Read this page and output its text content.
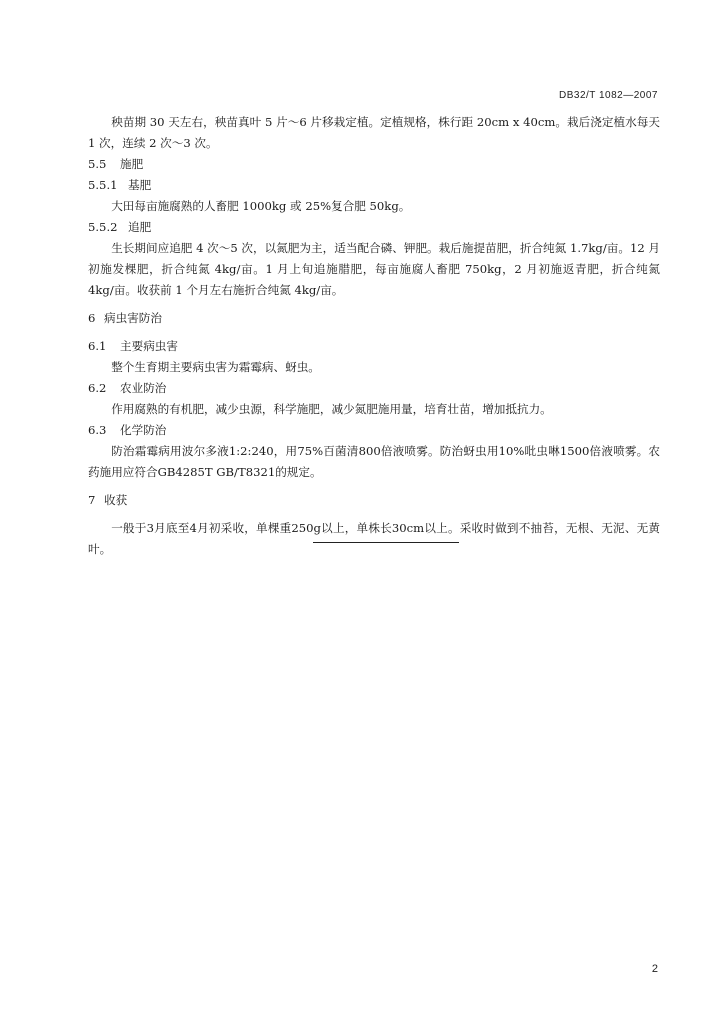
DB32/T 1082—2007

秧苗期 30 天左右，秧苗真叶 5 片～6 片移栽定植。定植规格，株行距 20cm x 40cm。栽后浇定植水每天 1 次，连续 2 次～3 次。

5.5 施肥
5.5.1 基肥

大田每亩施腐熟的人畜肥 1000kg 或 25%复合肥 50kg。

5.5.2 追肥

生长期间应追肥 4 次～5 次，以氮肥为主，适当配合磷、钾肥。栽后施提苗肥，折合纯氮 1.7kg/亩。12 月初施发棵肥，折合纯氮 4kg/亩。1 月上旬追施腊肥，每亩施腐人畜肥 750kg，2 月初施返青肥，折合纯氮 4kg/亩。收获前 1 个月左右施折合纯氮 4kg/亩。

6 病虫害防治
6.1 主要病虫害

整个生育期主要病虫害为霜霉病、蚜虫。

6.2 农业防治

作用腐熟的有机肥，减少虫源，科学施肥，减少氮肥施用量，培育壮苗，增加抵抗力。

6.3 化学防治

防治霜霉病用波尔多液1:2:240，用75%百菌清800倍液喷雾。防治蚜虫用10%吡虫啉1500倍液喷雾。农药施用应符合GB4285T GB/T8321的规定。

7 收获

一般于3月底至4月初采收，单棵重250g以上，单株长30cm以上。采收时做到不抽苔，无根、无泥、无黄叶。

2
